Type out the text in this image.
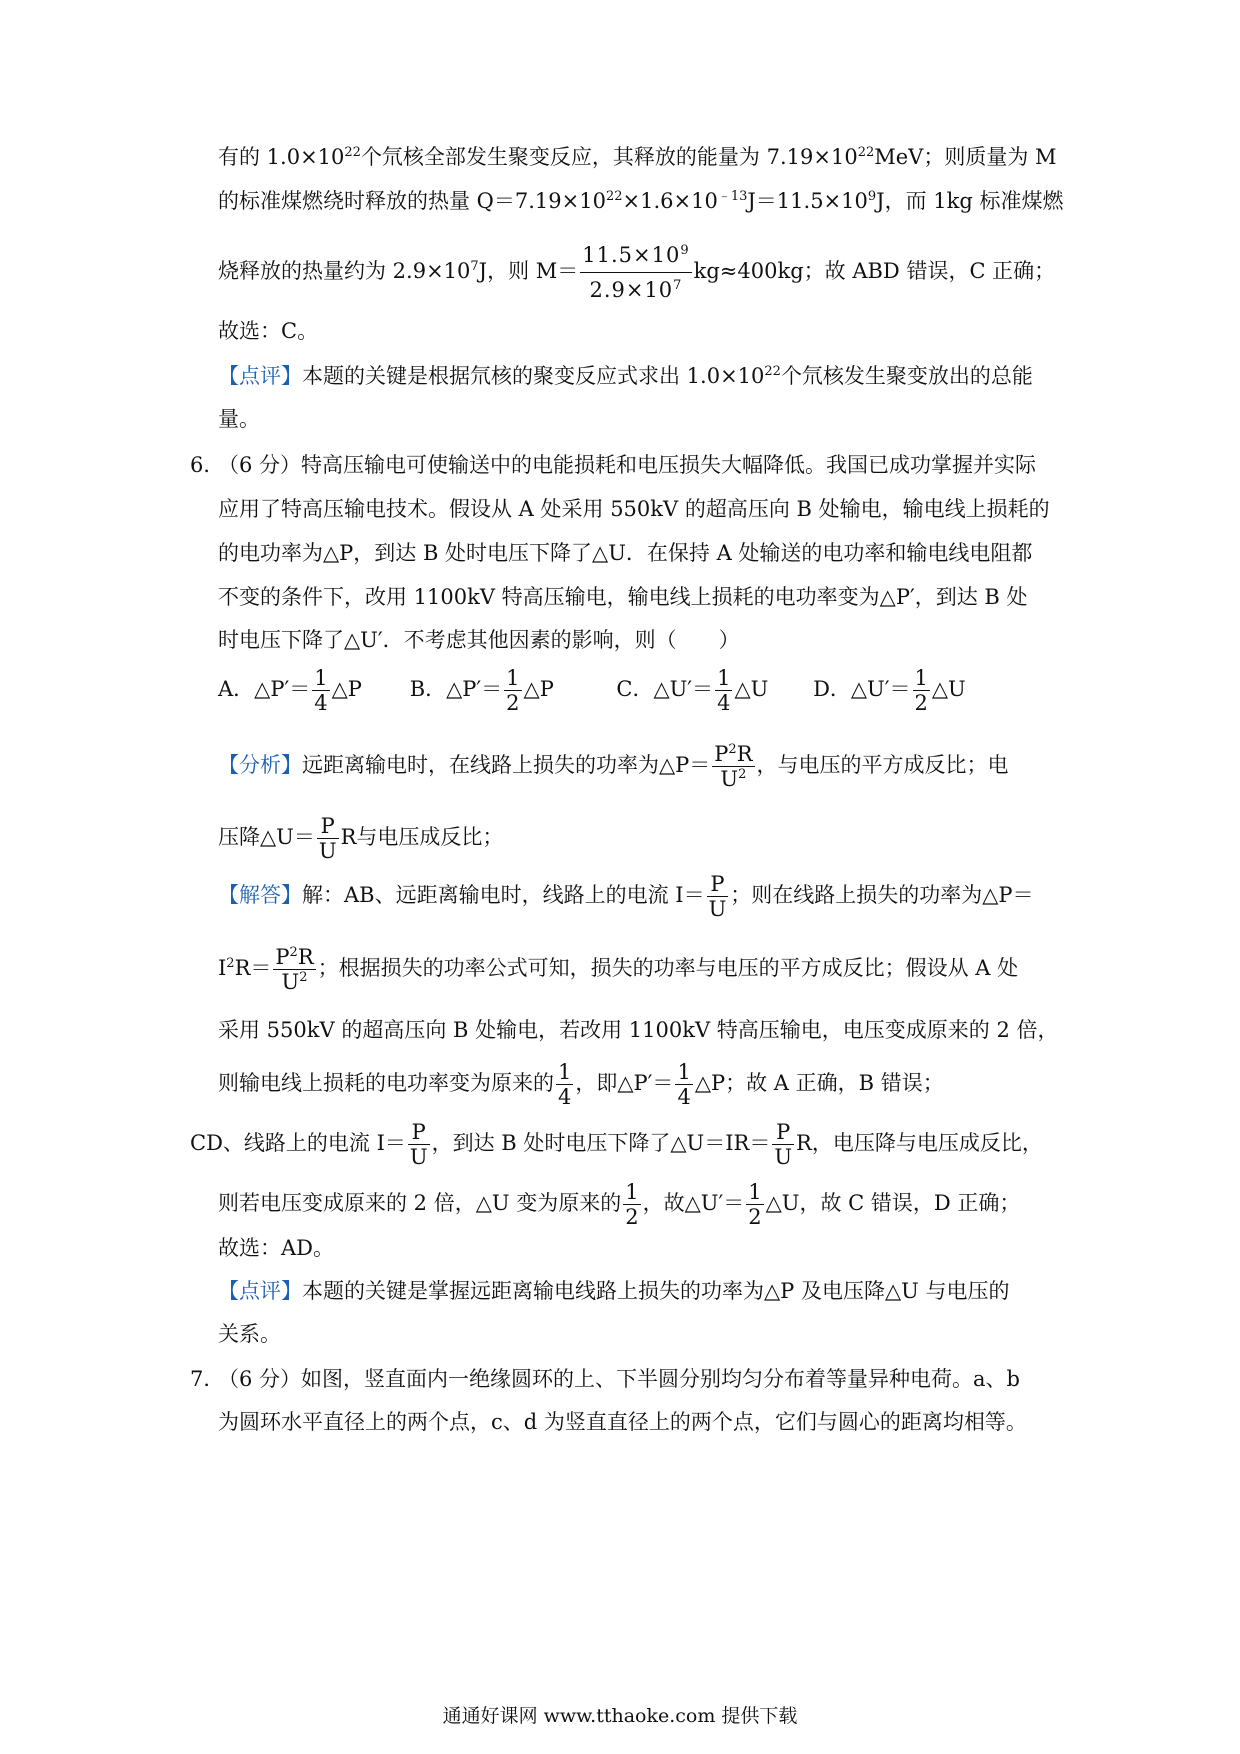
有的 $1.0\times 10^{22}$个氘核全部发生聚变反应，其释放的能量为 $7.19\times 10^{22}MeV$；则质量为 M
的标准煤燃绕时释放的热量 $Q=7.19\times 10^{22}\times 1.6\times 10^{﹣13}J=11.5\times 10^9J$，而 1kg 标准煤燃
烧释放的热量约为 $2.9\times 10^7J$，则 $M= \frac{11.5\times 10^9}{2.9\times 10^7} kg\approx 400kg$；故 ABD 错误，C 正确；
故选：C。
【点评】本题的关键是根据氘核的聚变反应式求出 $1.0\times 10^{22}$个氘核发生聚变放出的总能
量。
6．
（6 分）特高压输电可使输送中的电能损耗和电压损失大幅降低。我国已成功掌握并实际
应用了特高压输电技术。假设从 A 处采用 550kV 的超高压向 B 处输电，输电线上损耗的
的电功率为△P，到达 B 处时电压下降了△U．在保持 A 处输送的电功率和输电线电阻都
不变的条件下，改用 1100kV 特高压输电，输电线上损耗的电功率变为△P′，到达 B 处
时电压下降了△U′．不考虑其他因素的影响，则（　　）
A．△P′＝ $\frac{1}{4}$ △P B．△P′＝ $\frac{1}{2}$ △P	C．△U′＝ $\frac{1}{4}$ △U D．△U′＝ $\frac{1}{2}$ △U
【分析】远距离输电时，在线路上损失的功率为△P＝ $\frac{P^2R}{U^2}$ ，与电压的平方成反比；电
压降△U＝ $\frac{P}{U}$ R与电压成反比；
【解答】解：AB、远距离输电时，线路上的电流 $I= \frac{P}{U}$ ；则在线路上损失的功率为△P＝
$I^2R= \frac{P^2R}{U^2}$ ；根据损失的功率公式可知，损失的功率与电压的平方成反比；假设从 A 处
采用 550kV 的超高压向 B 处输电，若改用 1100kV 特高压输电，电压变成原来的 2 倍，
则输电线上损耗的电功率变为原来的 $\frac{1}{4}$ ，即△P′＝ $\frac{1}{4}$ △P；故 A 正确，B 错误；
CD、线路上的电流 $I= \frac{P}{U}$ ，到达 B 处时电压下降了△U＝IR＝ $\frac{P}{U}$ R，电压降与电压成反比，
则若电压变成原来的 2 倍，△U 变为原来的 $\frac{1}{2}$ ，故△U′＝ $\frac{1}{2}$ △U，故 C 错误，D 正确；
故选：AD。
【点评】本题的关键是掌握远距离输电线路上损失的功率为△P 及电压降△U 与电压的
关系。
7．
（6 分）如图，竖直面内一绝缘圆环的上、下半圆分别均匀分布着等量异种电荷。a、b
为圆环水平直径上的两个点，c、d 为竖直直径上的两个点，它们与圆心的距离均相等。
通通好课网 www.tthaoke.com 提供下载
